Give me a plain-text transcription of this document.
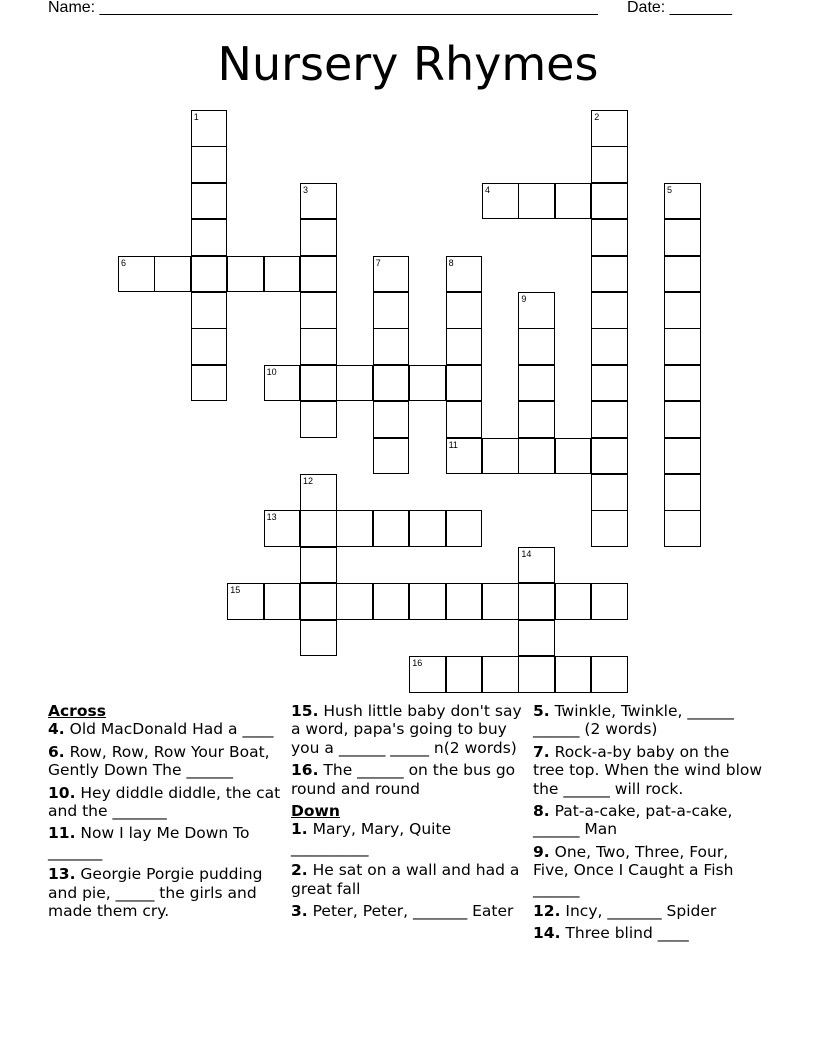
Name: ________________________________________________________ Date: _______
Nursery Rhymes
1	2
3	4	5
6	7	8
11
9
10
12
13
14
15
16
Across
4. Old MacDonald Had a ____
6. Row, Row, Row Your Boat, Gently Down The ______
10. Hey diddle diddle, the cat and the _______
11. Now I lay Me Down To _______
13. Georgie Porgie pudding and pie, _____ the girls and made them cry.
15. Hush little baby don't say a word, papa's going to buy you a ______ _____ n(2 words)
16. The ______ on the bus go round and round
Down
1. Mary, Mary, Quite __________
2. He sat on a wall and had a great fall
3. Peter, Peter, _______ Eater
5. Twinkle, Twinkle, ______ ______ (2 words)
7. Rock-a-by baby on the tree top. When the wind blow the ______ will rock.
8. Pat-a-cake, pat-a-cake, ______ Man
9. One, Two, Three, Four, Five, Once I Caught a Fish ______
12. Incy, _______ Spider
14. Three blind ____
